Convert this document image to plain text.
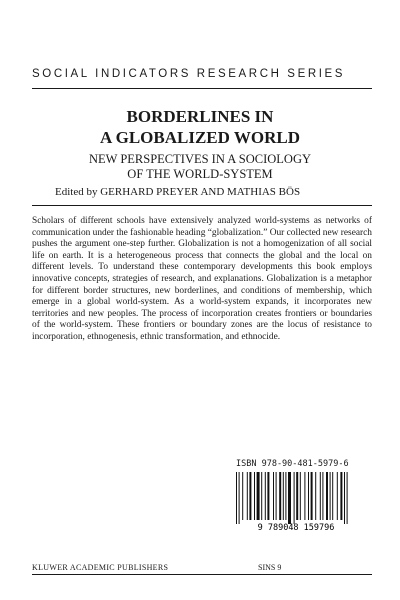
SOCIAL INDICATORS RESEARCH SERIES
BORDERLINES IN
A GLOBALIZED WORLD
NEW PERSPECTIVES IN A SOCIOLOGY
OF THE WORLD-SYSTEM
Edited by GERHARD PREYER AND MATHIAS BÖS
Scholars of different schools have extensively analyzed world-systems as networks of communication under the fashionable heading “globalization.” Our collected new research pushes the argument one-step further. Globalization is not a homogenization of all social life on earth. It is a heterogeneous process that connects the global and the local on different levels. To understand these contemporary developments this book employs innovative concepts, strategies of research, and explanations. Globalization is a metaphor for different border structures, new borderlines, and conditions of membership, which emerge in a global world-system. As a world-system expands, it incorporates new territories and new peoples. The process of incorporation creates frontiers or boundaries of the world-system. These frontiers or boundary zones are the locus of resistance to incorporation, ethnogenesis, ethnic transformation, and ethnocide.
ISBN 978-90-481-5979-6
9 789048 159796
KLUWER ACADEMIC PUBLISHERS	SINS 9
